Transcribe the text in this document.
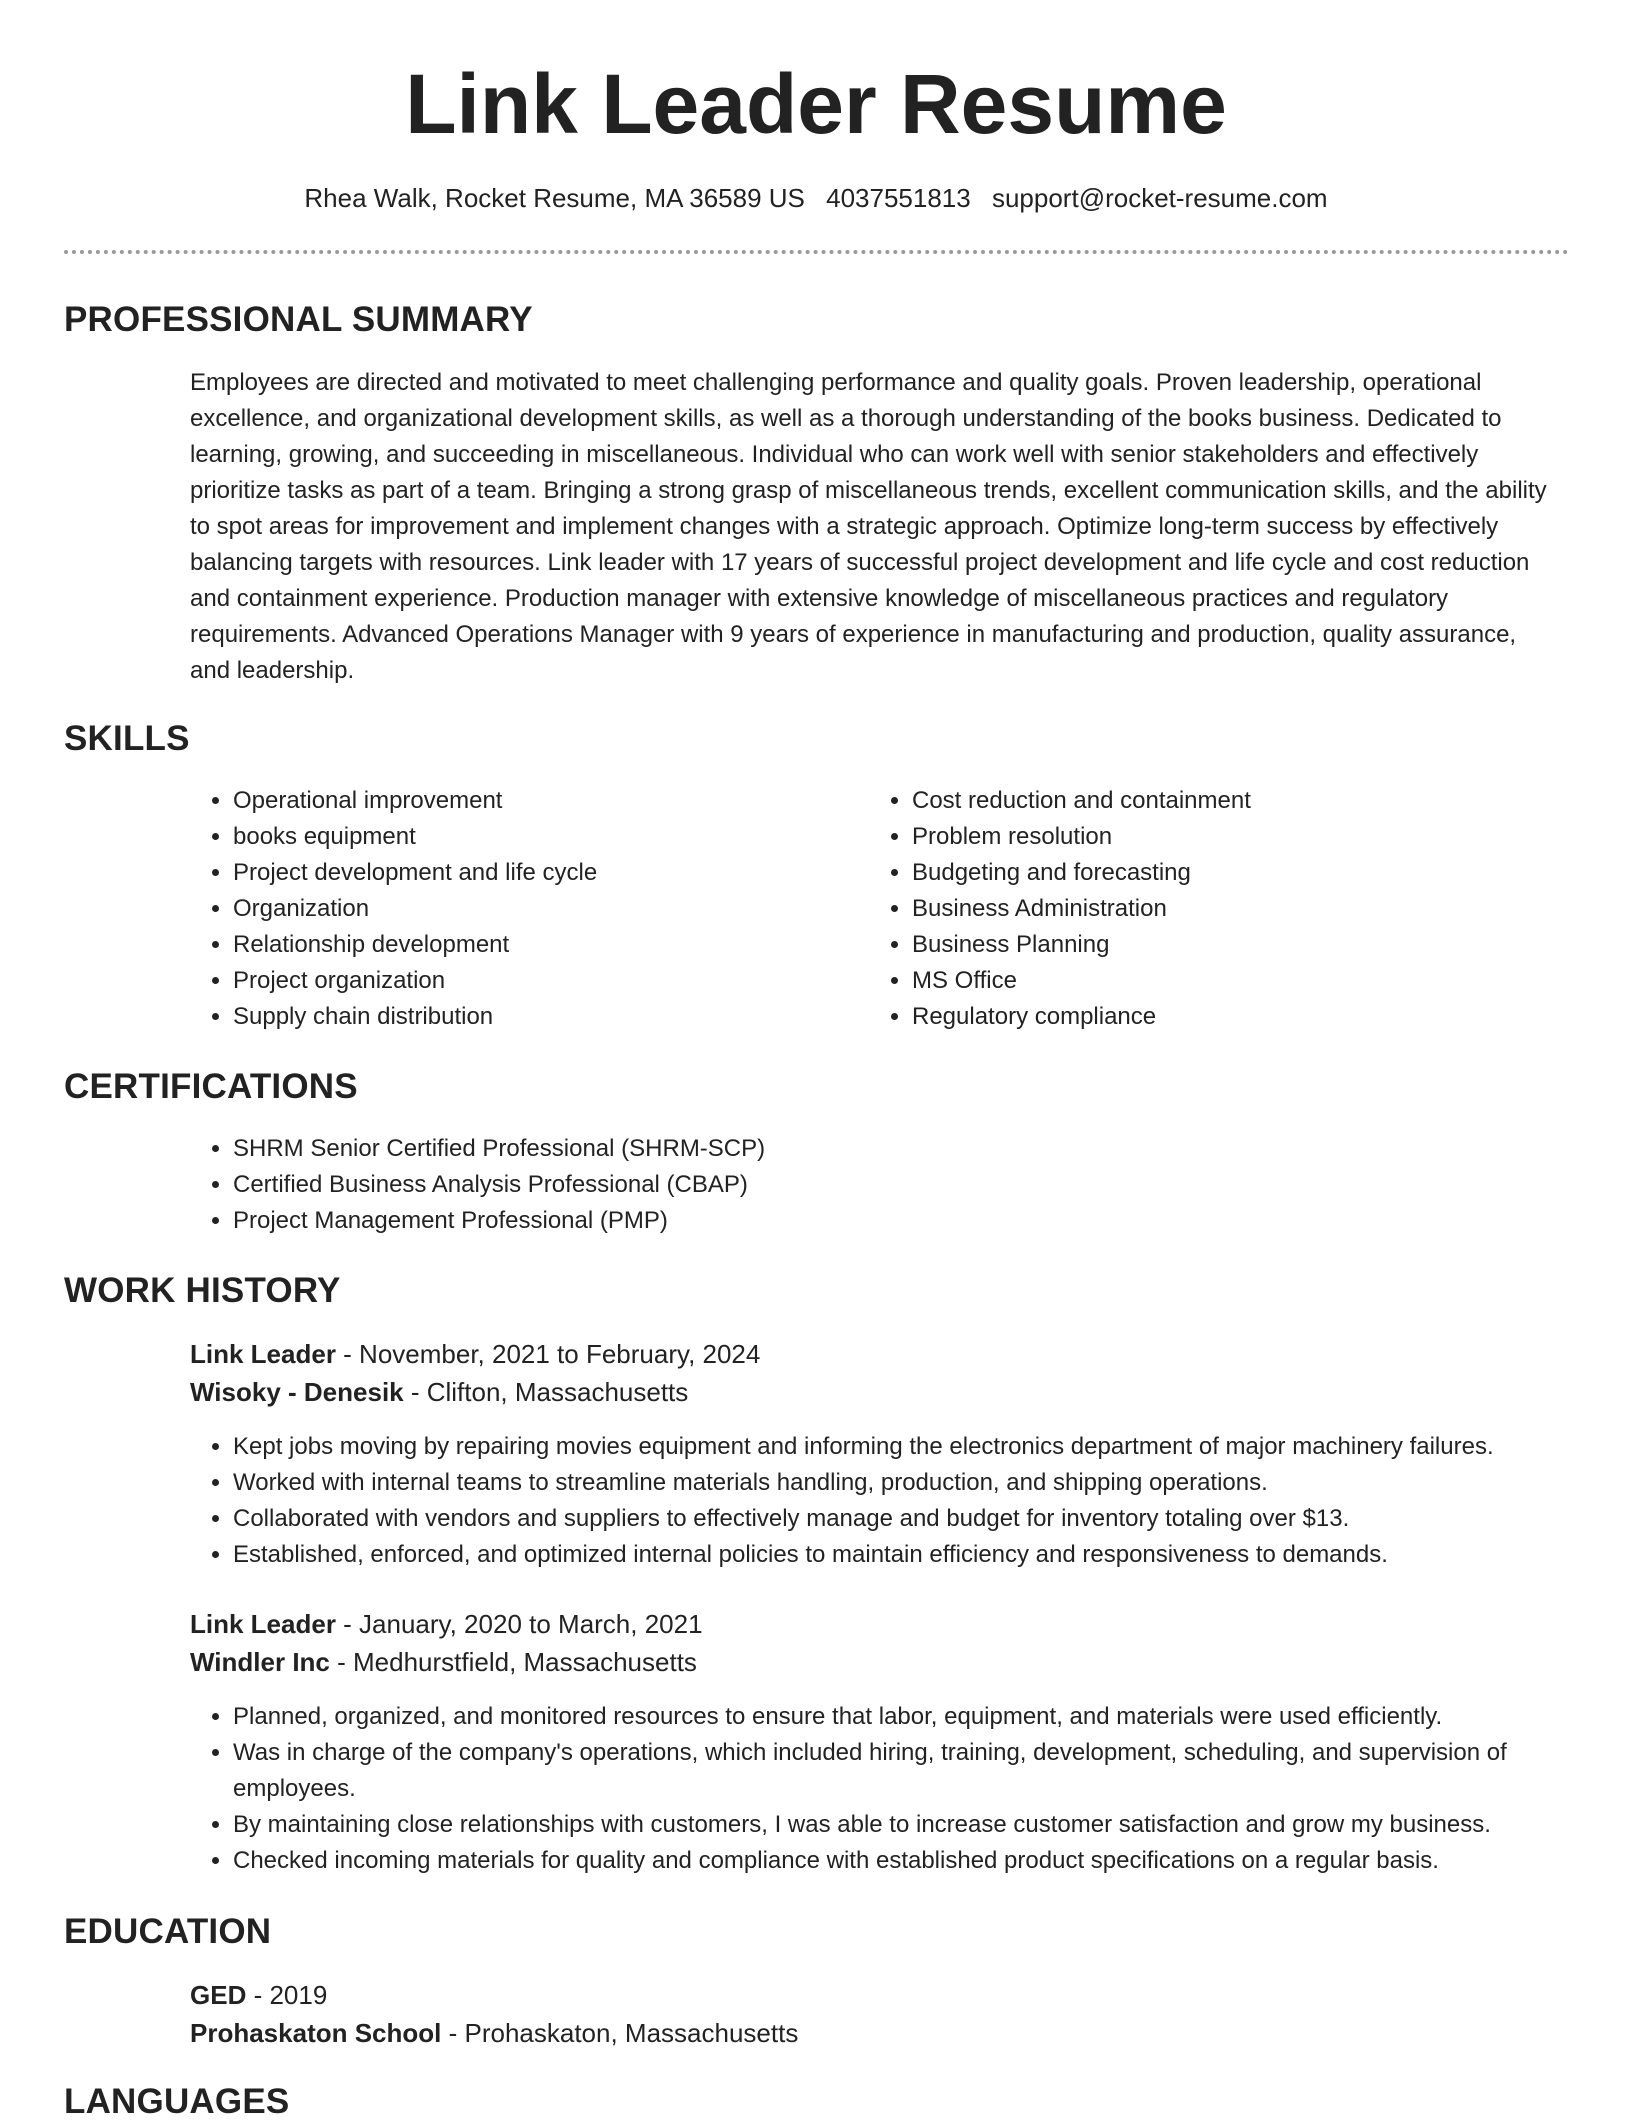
Link Leader Resume
Rhea Walk, Rocket Resume, MA 36589 US 4037551813 support@rocket-resume.com
PROFESSIONAL SUMMARY

Employees are directed and motivated to meet challenging performance and quality goals. Proven leadership, operational excellence, and organizational development skills, as well as a thorough understanding of the books business. Dedicated to learning, growing, and succeeding in miscellaneous. Individual who can work well with senior stakeholders and effectively prioritize tasks as part of a team. Bringing a strong grasp of miscellaneous trends, excellent communication skills, and the ability to spot areas for improvement and implement changes with a strategic approach. Optimize long-term success by effectively balancing targets with resources. Link leader with 17 years of successful project development and life cycle and cost reduction and containment experience. Production manager with extensive knowledge of miscellaneous practices and regulatory requirements. Advanced Operations Manager with 9 years of experience in manufacturing and production, quality assurance, and leadership.

SKILLS
• Operational improvement
• books equipment
• Project development and life cycle
• Organization
• Relationship development
• Project organization
• Supply chain distribution
• Cost reduction and containment
• Problem resolution
• Budgeting and forecasting
• Business Administration
• Business Planning
• MS Office
• Regulatory compliance
CERTIFICATIONS
• SHRM Senior Certified Professional (SHRM-SCP)
• Certified Business Analysis Professional (CBAP)
• Project Management Professional (PMP)
WORK HISTORY
Link Leader - November, 2021 to February, 2024
Wisoky - Denesik - Clifton, Massachusetts
• Kept jobs moving by repairing movies equipment and informing the electronics department of major machinery failures.
• Worked with internal teams to streamline materials handling, production, and shipping operations.
• Collaborated with vendors and suppliers to effectively manage and budget for inventory totaling over $13.
• Established, enforced, and optimized internal policies to maintain efficiency and responsiveness to demands.
Link Leader - January, 2020 to March, 2021
Windler Inc - Medhurstfield, Massachusetts
• Planned, organized, and monitored resources to ensure that labor, equipment, and materials were used efficiently.
• Was in charge of the company's operations, which included hiring, training, development, scheduling, and supervision of employees.
• By maintaining close relationships with customers, I was able to increase customer satisfaction and grow my business.
• Checked incoming materials for quality and compliance with established product specifications on a regular basis.
EDUCATION
GED - 2019
Prohaskaton School - Prohaskaton, Massachusetts
LANGUAGES
